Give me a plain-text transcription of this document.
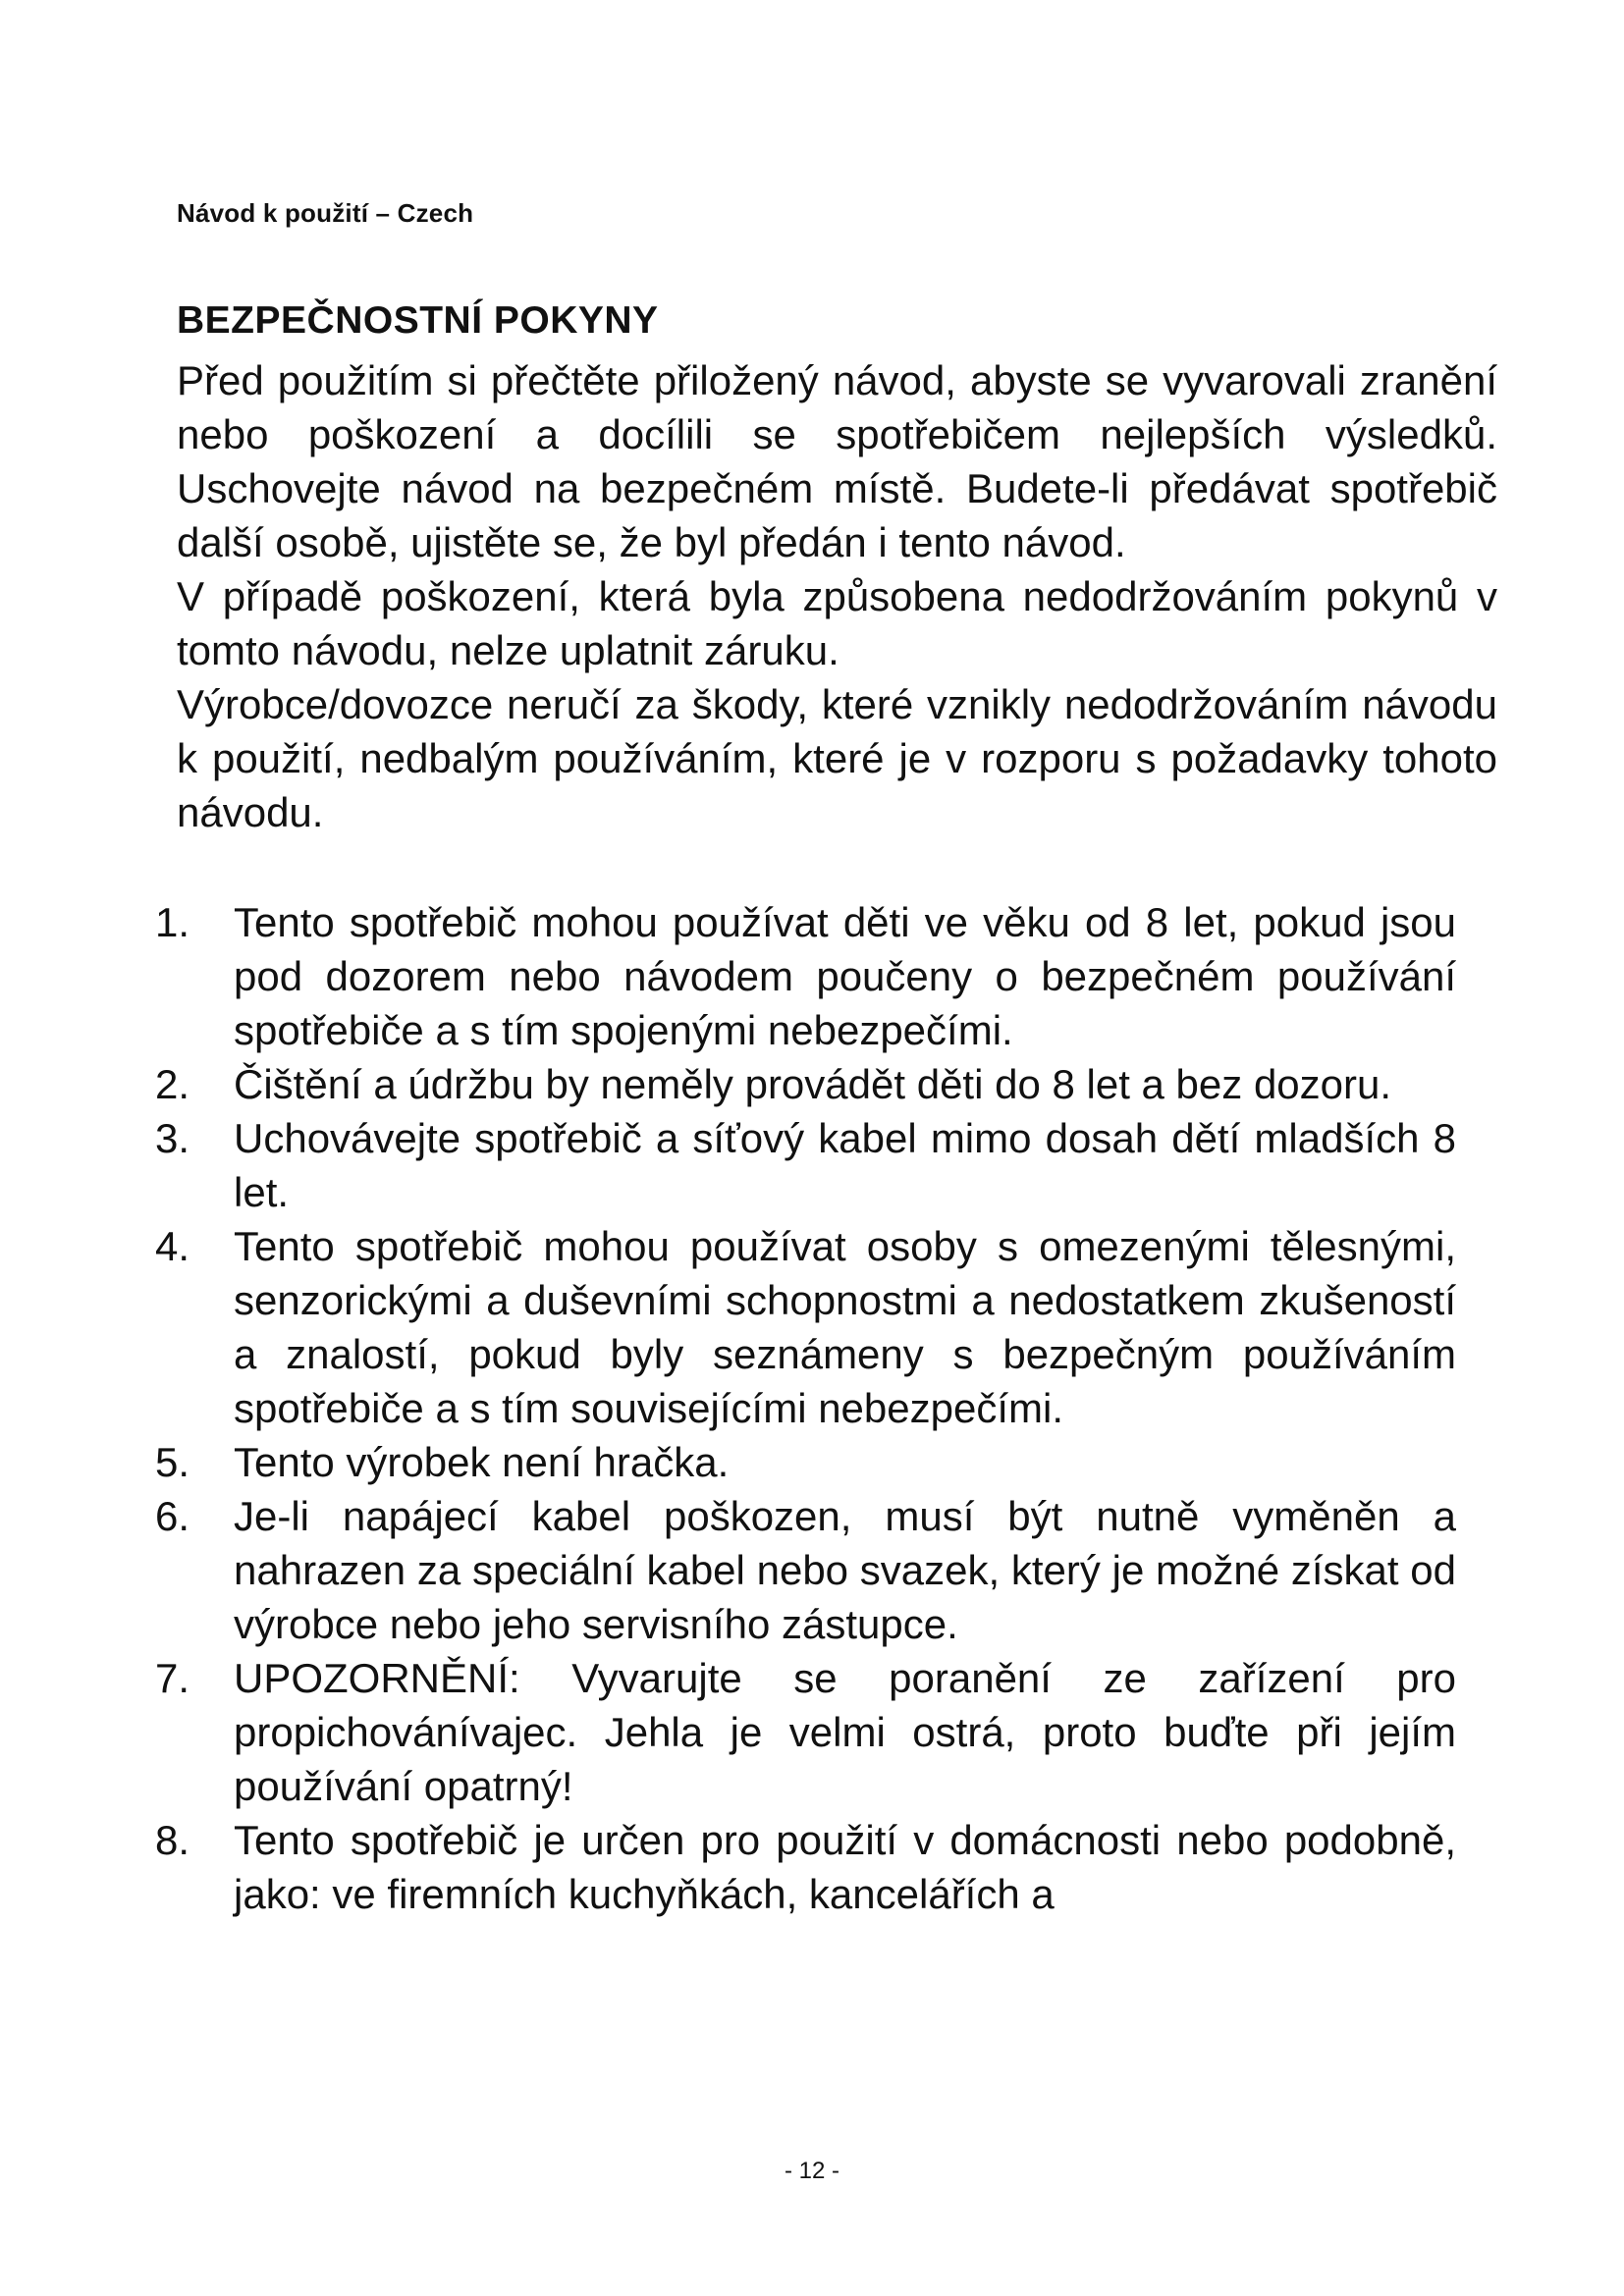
Návod k použití – Czech
BEZPEČNOSTNÍ POKYNY

Před použitím si přečtěte přiložený návod, abyste se vyvarovali zranění nebo poškození a docílili se spotřebičem nejlepších výsledků. Uschovejte návod na bezpečném místě. Budete-li předávat spotřebič další osobě, ujistěte se, že byl předán i tento návod.

V případě poškození, která byla způsobena nedodržováním pokynů v tomto návodu, nelze uplatnit záruku.

Výrobce/dovozce neručí za škody, které vznikly nedodržováním návodu k použití, nedbalým používáním, které je v rozporu s požadavky tohoto návodu.

1.	Tento spotřebič mohou používat děti ve věku od 8 let, pokud jsou pod dozorem nebo návodem poučeny o bezpečném používání spotřebiče a s tím spojenými nebezpečími.
2.	Čištění a údržbu by neměly provádět děti do 8 let a bez dozoru.
3.	Uchovávejte spotřebič a síťový kabel mimo dosah dětí mladších 8 let.
4.	Tento spotřebič mohou používat osoby s omezenými tělesnými, senzorickými a duševními schopnostmi a nedostatkem zkušeností a znalostí, pokud byly seznámeny s bezpečným používáním spotřebiče a s tím souvisejícími nebezpečími.
5.	Tento výrobek není hračka.
6.	Je-li napájecí kabel poškozen, musí být nutně vyměněn a nahrazen za speciální kabel nebo svazek, který je možné získat od výrobce nebo jeho servisního zástupce.
7.	UPOZORNĚNÍ: Vyvarujte se poranění ze zařízení pro propichovánívajec. Jehla je velmi ostrá, proto buďte při jejím používání opatrný!
8.	Tento spotřebič je určen pro použití v domácnosti nebo podobně, jako: ve firemních kuchyňkách, kancelářích a
- 12 -
